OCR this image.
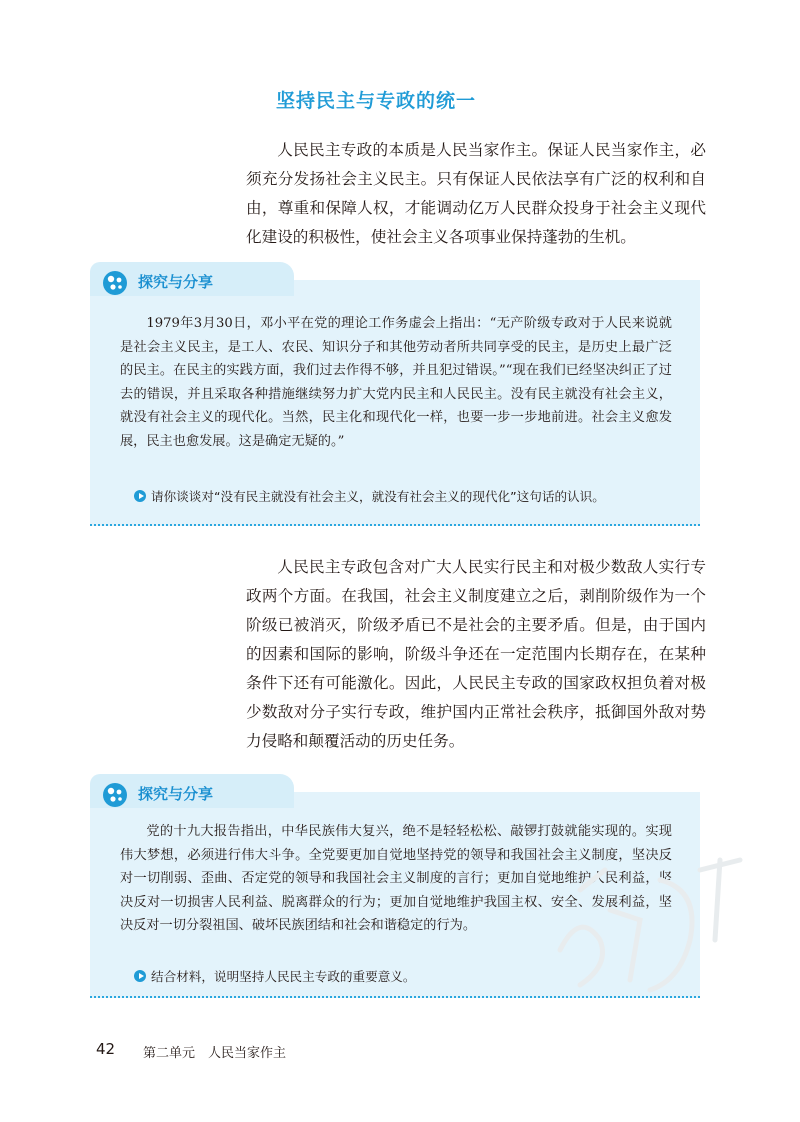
坚持民主与专政的统一

人民民主专政的本质是人民当家作主。保证人民当家作主，必须充分发扬社会主义民主。只有保证人民依法享有广泛的权利和自由，尊重和保障人权，才能调动亿万人民群众投身于社会主义现代化建设的积极性，使社会主义各项事业保持蓬勃的生机。

探究与分享

1979年3月30日，邓小平在党的理论工作务虚会上指出：“无产阶级专政对于人民来说就是社会主义民主，是工人、农民、知识分子和其他劳动者所共同享受的民主，是历史上最广泛的民主。在民主的实践方面，我们过去作得不够，并且犯过错误。”“现在我们已经坚决纠正了过去的错误，并且采取各种措施继续努力扩大党内民主和人民民主。没有民主就没有社会主义，就没有社会主义的现代化。当然，民主化和现代化一样，也要一步一步地前进。社会主义愈发展，民主也愈发展。这是确定无疑的。”

请你谈谈对“没有民主就没有社会主义，就没有社会主义的现代化”这句话的认识。

人民民主专政包含对广大人民实行民主和对极少数敌人实行专政两个方面。在我国，社会主义制度建立之后，剥削阶级作为一个阶级已被消灭，阶级矛盾已不是社会的主要矛盾。但是，由于国内的因素和国际的影响，阶级斗争还在一定范围内长期存在，在某种条件下还有可能激化。因此，人民民主专政的国家政权担负着对极少数敌对分子实行专政，维护国内正常社会秩序，抵御国外敌对势力侵略和颠覆活动的历史任务。

探究与分享

党的十九大报告指出，中华民族伟大复兴，绝不是轻轻松松、敲锣打鼓就能实现的。实现伟大梦想，必须进行伟大斗争。全党要更加自觉地坚持党的领导和我国社会主义制度，坚决反对一切削弱、歪曲、否定党的领导和我国社会主义制度的言行；更加自觉地维护人民利益，坚决反对一切损害人民利益、脱离群众的行为；更加自觉地维护我国主权、安全、发展利益，坚决反对一切分裂祖国、破坏民族团结和社会和谐稳定的行为。

结合材料，说明坚持人民民主专政的重要意义。
42 第二单元　人民当家作主
